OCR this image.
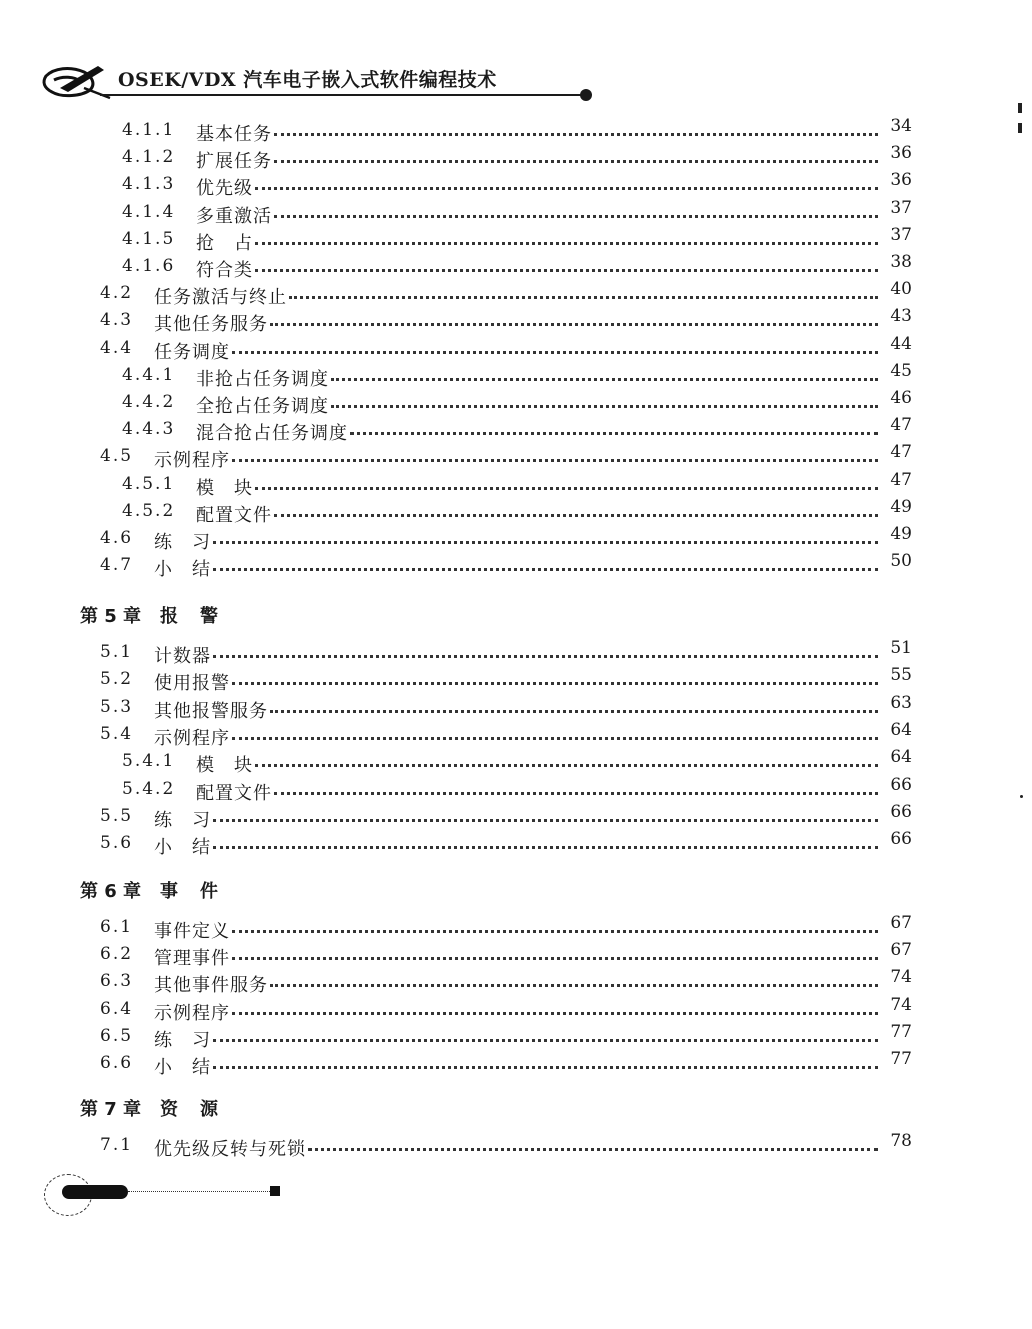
OSEK/VDX 汽车电子嵌入式软件编程技术
第 5 章 报警
第 6 章 事件
第 7 章 资源
4.1.1 基本任务	34
4.1.2 扩展任务	36
4.1.3 优先级	36
4.1.4 多重激活	37
4.1.5 抢　占	37
4.1.6 符合类	38
4.2 任务激活与终止	40
4.3 其他任务服务	43
4.4 任务调度	44
4.4.1 非抢占任务调度	45
4.4.2 全抢占任务调度	46
4.4.3 混合抢占任务调度	47
4.5 示例程序	47
4.5.1 模　块	47
4.5.2 配置文件	49
4.6 练　习	49
4.7 小　结	50
5.1 计数器	51
5.2 使用报警	55
5.3 其他报警服务	63
5.4 示例程序	64
5.4.1 模　块	64
5.4.2 配置文件	66
5.5 练　习	66
5.6 小　结	66
6.1 事件定义	67
6.2 管理事件	67
6.3 其他事件服务	74
6.4 示例程序	74
6.5 练　习	77
6.6 小　结	77
7.1 优先级反转与死锁	78
